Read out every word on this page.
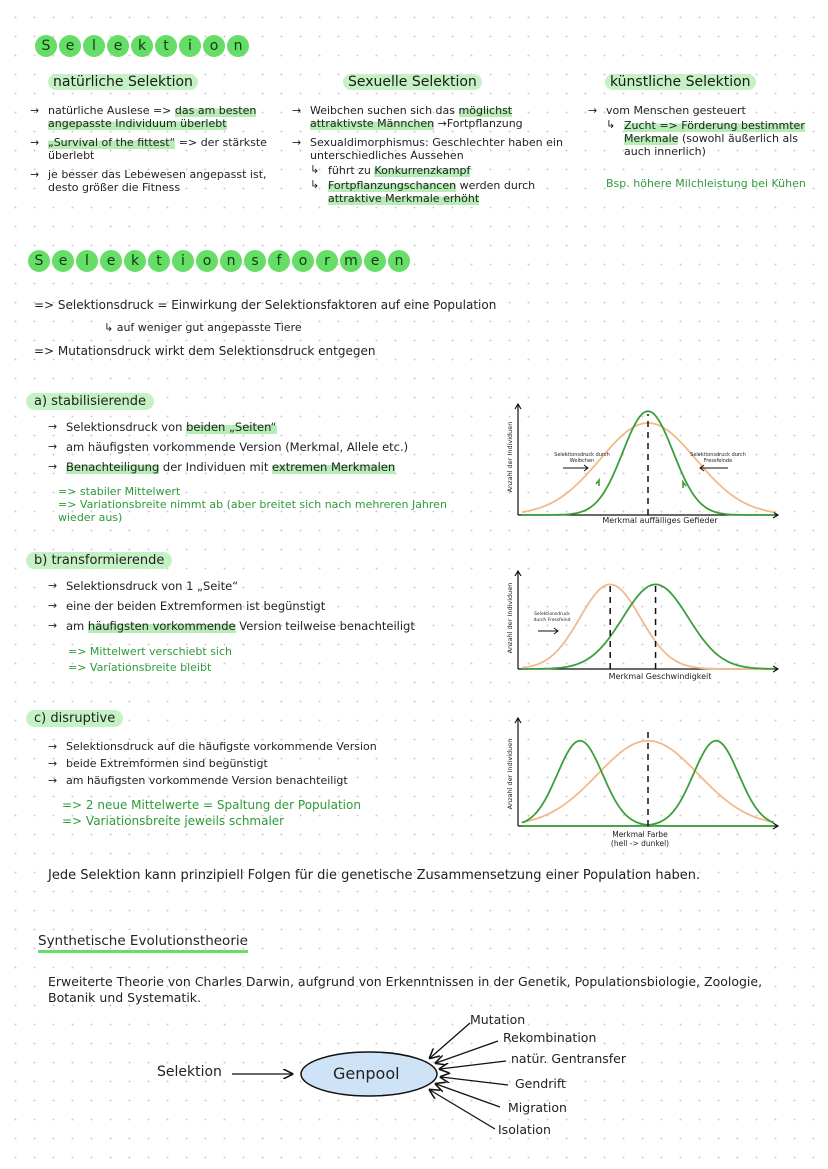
S	e	l	e	k	t	i	o	n
natürliche Selektion	Sexuelle Selektion	künstliche Selektion
→ natürliche Auslese => das am besten angepasste Individuum überlebt
→ „Survival of the fittest“ => der stärkste überlebt
→ je besser das Lebewesen angepasst ist, desto größer die Fitness
→ Weibchen suchen sich das möglichst attraktivste Männchen →Fortpflanzung
→ Sexualdimorphismus: Geschlechter haben ein unterschiedliches Aussehen
↳ führt zu Konkurrenzkampf
↳ Fortpflanzungschancen werden durch attraktive Merkmale erhöht
→ vom Menschen gesteuert
↳ Zucht => Förderung bestimmter Merkmale (sowohl äußerlich als auch innerlich)
Bsp. höhere Milchleistung bei Kühen
S	e	l	e	k	t	i	o	n	s	f	o	r	m e	n
=> Selektionsdruck = Einwirkung der Selektionsfaktoren auf eine Population
↳ auf weniger gut angepasste Tiere
=> Mutationsdruck wirkt dem Selektionsdruck entgegen
a) stabilisierende
→ Selektionsdruck von beiden „Seiten“
→ am häufigsten vorkommende Version (Merkmal, Allele etc.)
→ Benachteiligung der Individuen mit extremen Merkmalen
=> stabiler Mittelwert
=> Variationsbreite nimmt ab (aber breitet sich nach mehreren Jahren wieder aus)
b) transformierende
→ Selektionsdruck von 1 „Seite“
→ eine der beiden Extremformen ist begünstigt
→ am häufigsten vorkommende Version teilweise benachteiligt
=> Mittelwert verschiebt sich
=> Variationsbreite bleibt
c) disruptive
→ Selektionsdruck auf die häufigste vorkommende Version
→ beide Extremformen sind begünstigt
→ am häufigsten vorkommende Version benachteiligt
=> 2 neue Mittelwerte = Spaltung der Population
=> Variationsbreite jeweils schmaler
Anzahl der Individuen
Merkmal auffälliges Gefieder
Selektionsdruck durch Weibchen
Selektionsdruck durch Fressfeinde
Anzahl der Individuen
Merkmal Geschwindigkeit
Selektionsdruck durch Fressfeind
Anzahl der Individuen
Merkmal Farbe
(hell -> dunkel)
Jede Selektion kann prinzipiell Folgen für die genetische Zusammensetzung einer Population haben.
Synthetische Evolutionstheorie
Erweiterte Theorie von Charles Darwin, aufgrund von Erkenntnissen in der Genetik, Populationsbiologie, Zoologie, Botanik und Systematik.
Selektion	Genpool
Mutation
Rekombination
natür. Gentransfer
Gendrift
Migration
Isolation
